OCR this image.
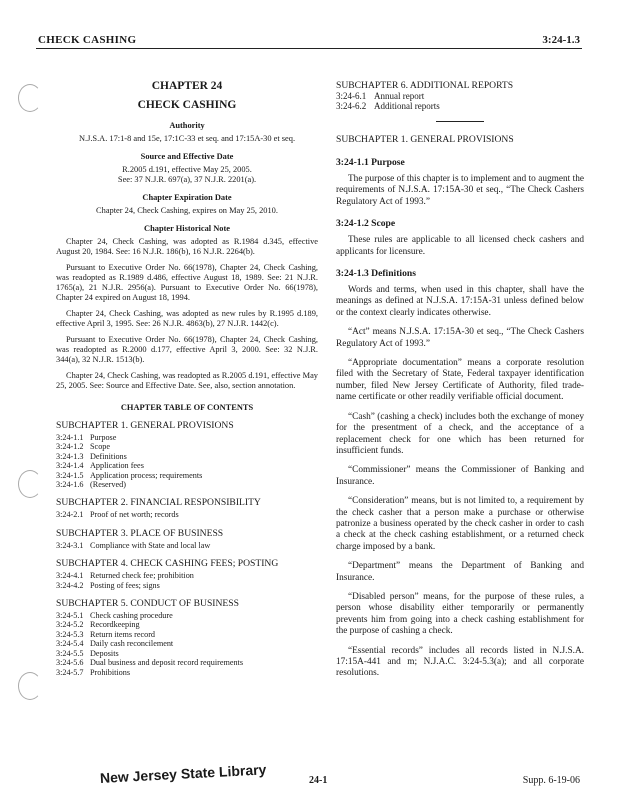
CHECK CASHING	3:24-1.3
CHAPTER 24
CHECK CASHING
Authority
N.J.S.A. 17:1-8 and 15e, 17:1C-33 et seq. and 17:15A-30 et seq.
Source and Effective Date
R.2005 d.191, effective May 25, 2005.
See: 37 N.J.R. 697(a), 37 N.J.R. 2201(a).
Chapter Expiration Date
Chapter 24, Check Cashing, expires on May 25, 2010.
Chapter Historical Note

Chapter 24, Check Cashing, was adopted as R.1984 d.345, effective August 20, 1984. See: 16 N.J.R. 186(b), 16 N.J.R. 2264(b).

Pursuant to Executive Order No. 66(1978), Chapter 24, Check Cashing, was readopted as R.1989 d.486, effective August 18, 1989. See: 21 N.J.R. 1765(a), 21 N.J.R. 2956(a). Pursuant to Executive Order No. 66(1978), Chapter 24 expired on August 18, 1994.

Chapter 24, Check Cashing, was adopted as new rules by R.1995 d.189, effective April 3, 1995. See: 26 N.J.R. 4863(b), 27 N.J.R. 1442(c).

Pursuant to Executive Order No. 66(1978), Chapter 24, Check Cashing, was readopted as R.2000 d.177, effective April 3, 2000. See: 32 N.J.R. 344(a), 32 N.J.R. 1513(b).

Chapter 24, Check Cashing, was readopted as R.2005 d.191, effective May 25, 2005. See: Source and Effective Date. See, also, section annotation.

CHAPTER TABLE OF CONTENTS
SUBCHAPTER 1. GENERAL PROVISIONS
3:24-1.1 Purpose
3:24-1.2 Scope
3:24-1.3 Definitions
3:24-1.4 Application fees
3:24-1.5 Application process; requirements
3:24-1.6 (Reserved)
SUBCHAPTER 2. FINANCIAL RESPONSIBILITY
3:24-2.1 Proof of net worth; records
SUBCHAPTER 3. PLACE OF BUSINESS
3:24-3.1 Compliance with State and local law
SUBCHAPTER 4. CHECK CASHING FEES; POSTING
3:24-4.1 Returned check fee; prohibition
3:24-4.2 Posting of fees; signs
SUBCHAPTER 5. CONDUCT OF BUSINESS
3:24-5.1 Check cashing procedure
3:24-5.2 Recordkeeping
3:24-5.3 Return items record
3:24-5.4 Daily cash reconcilement
3:24-5.5 Deposits
3:24-5.6 Dual business and deposit record requirements
3:24-5.7 Prohibitions
SUBCHAPTER 6. ADDITIONAL REPORTS
3:24-6.1 Annual report
3:24-6.2 Additional reports
SUBCHAPTER 1. GENERAL PROVISIONS
3:24-1.1 Purpose

The purpose of this chapter is to implement and to augment the requirements of N.J.S.A. 17:15A-30 et seq., “The Check Cashers Regulatory Act of 1993.”

3:24-1.2 Scope

These rules are applicable to all licensed check cashers and applicants for licensure.

3:24-1.3 Definitions

Words and terms, when used in this chapter, shall have the meanings as defined at N.J.S.A. 17:15A-31 unless defined below or the context clearly indicates otherwise.

“Act” means N.J.S.A. 17:15A-30 et seq., “The Check Cashers Regulatory Act of 1993.”

“Appropriate documentation” means a corporate resolution filed with the Secretary of State, Federal taxpayer identification number, filed New Jersey Certificate of Authority, filed trade-name certificate or other readily verifiable official document.

“Cash” (cashing a check) includes both the exchange of money for the presentment of a check, and the acceptance of a replacement check for one which has been returned for insufficient funds.

“Commissioner” means the Commissioner of Banking and Insurance.

“Consideration” means, but is not limited to, a requirement by the check casher that a person make a purchase or otherwise patronize a business operated by the check casher in order to cash a check at the check cashing establishment, or a returned check charge imposed by a bank.

“Department” means the Department of Banking and Insurance.

“Disabled person” means, for the purpose of these rules, a person whose disability either temporarily or permanently prevents him from going into a check cashing establishment for the purpose of cashing a check.

“Essential records” includes all records listed in N.J.S.A. 17:15A-441 and m; N.J.A.C. 3:24-5.3(a); and all corporate resolutions.

New Jersey State Library	24-1	Supp. 6-19-06
